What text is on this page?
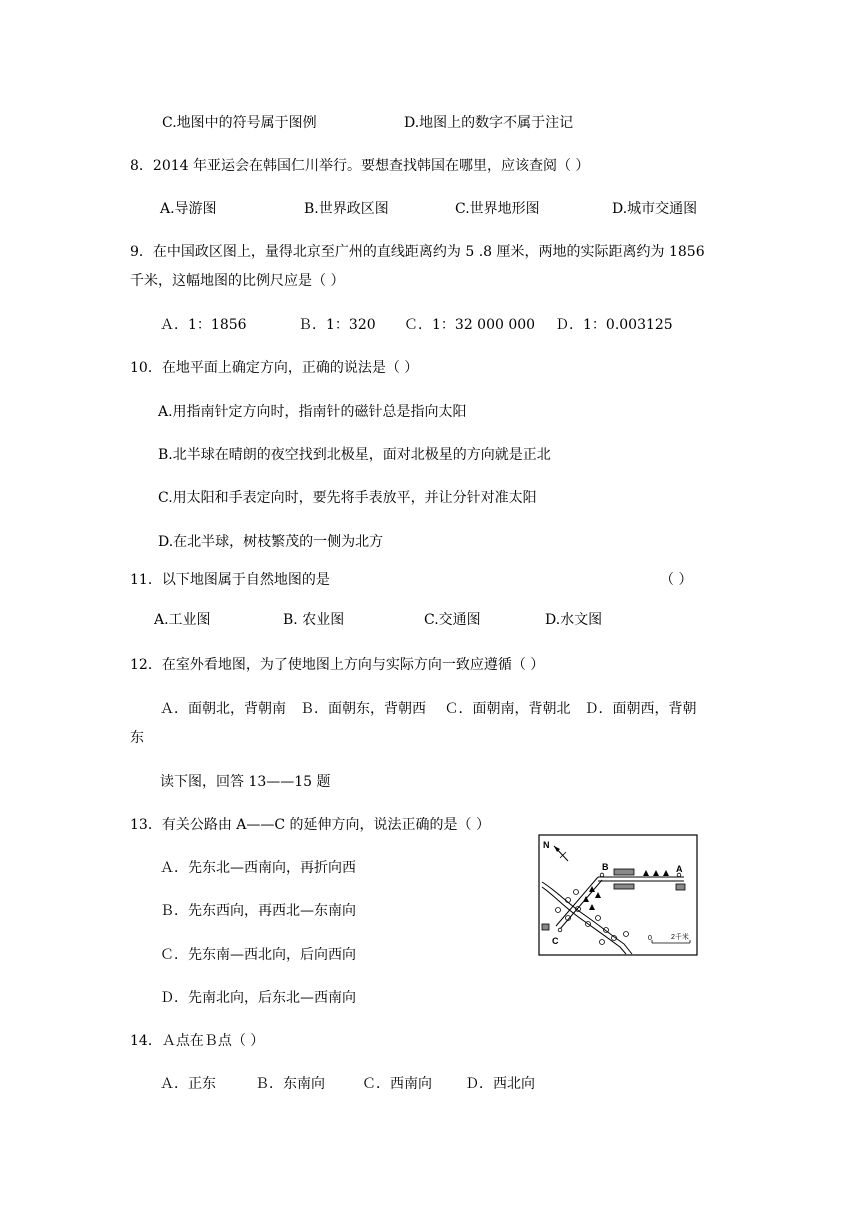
C.地图中的符号属于图例	D.地图上的数字不属于注记
8．2014 年亚运会在韩国仁川举行。要想查找韩国在哪里，应该查阅（ ）
A.导游图	B.世界政区图	C.世界地形图	D.城市交通图
9．在中国政区图上，量得北京至广州的直线距离约为 5 .8 厘米，两地的实际距离约为 1856
千米，这幅地图的比例尺应是（ ）
Ａ．1：1856	Ｂ．1：320 Ｃ．1：32 000 000 Ｄ．1：0.003125
10．在地平面上确定方向，正确的说法是（ ）
A.用指南针定方向时，指南针的磁针总是指向太阳
B.北半球在晴朗的夜空找到北极星，面对北极星的方向就是正北
C.用太阳和手表定向时，要先将手表放平，并让分针对准太阳
D.在北半球，树枝繁茂的一侧为北方
11．以下地图属于自然地图的是	（ ）
A.工业图	B. 农业图	C.交通图	D.水文图
12．在室外看地图，为了使地图上方向与实际方向一致应遵循（ ）
Ａ．面朝北，背朝南　Ｂ．面朝东，背朝西　 Ｃ．面朝南，背朝北　Ｄ．面朝西，背朝
东
读下图，回答 13——15 题
13．有关公路由 A——C 的延伸方向，说法正确的是（ ）
Ａ．先东北—西南向，再折向西
Ｂ．先东西向，再西北—东南向
Ｃ．先东南—西北向，后向西向
Ｄ．先南北向，后东北—西南向
14．Ａ点在Ｂ点（ ）
Ａ．正东	Ｂ．东南向	Ｃ．西南向 Ｄ．西北向
N
A
B
C	0	2千米
